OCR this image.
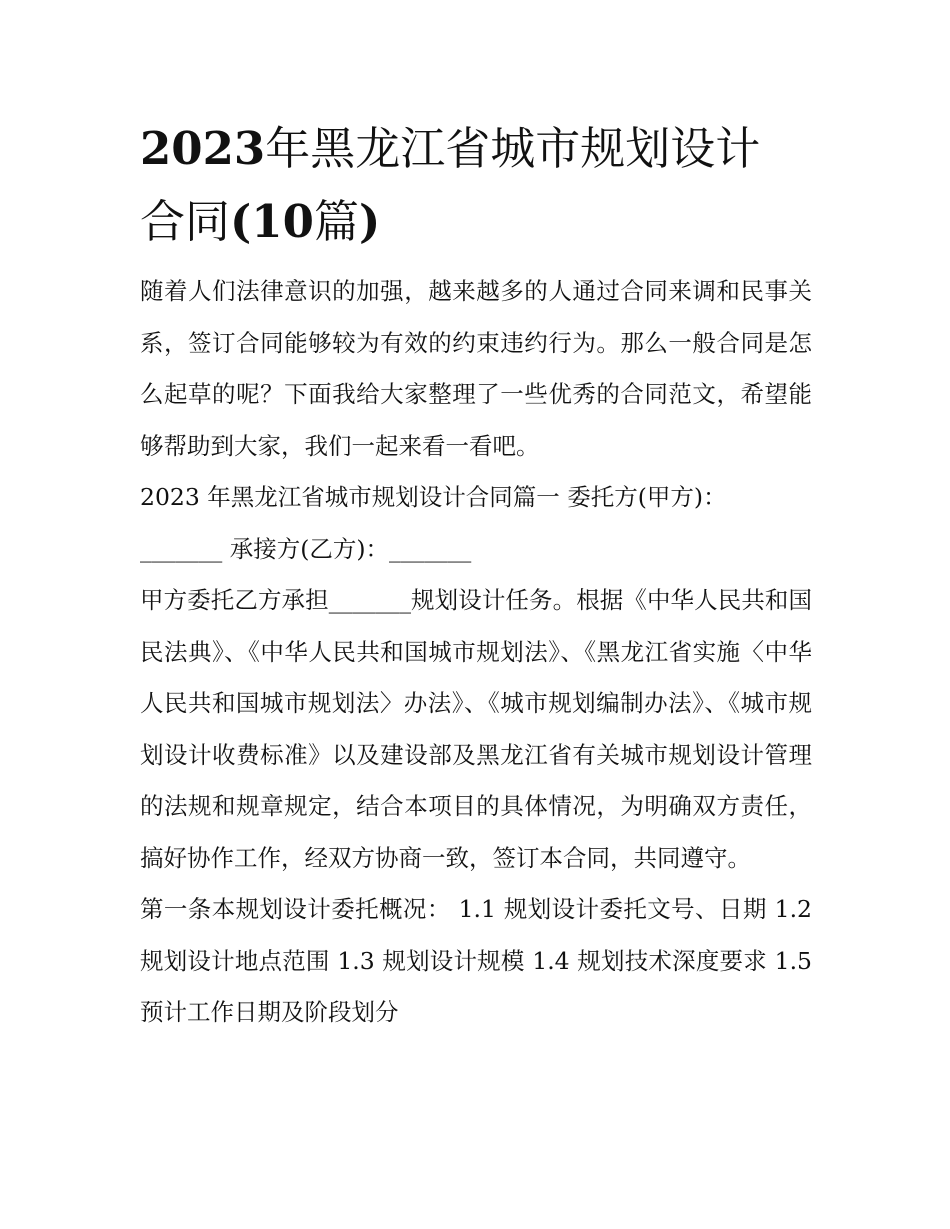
2023年黑龙江省城市规划设计
合同(10篇)

随着人们法律意识的加强，越来越多的人通过合同来调和民事关系，签订合同能够较为有效的约束违约行为。那么一般合同是怎么起草的呢？下面我给大家整理了一些优秀的合同范文，希望能够帮助到大家，我们一起来看一看吧。

2023 年黑龙江省城市规划设计合同篇一 委托方(甲方)：

_______ 承接方(乙方)：_______

甲方委托乙方承担_______规划设计任务。根据《中华人民共和国民法典》、《中华人民共和国城市规划法》、《黑龙江省实施〈中华人民共和国城市规划法〉办法》、《城市规划编制办法》、《城市规划设计收费标准》以及建设部及黑龙江省有关城市规划设计管理的法规和规章规定，结合本项目的具体情况，为明确双方责任，搞好协作工作，经双方协商一致，签订本合同，共同遵守。

第一条本规划设计委托概况： 1.1 规划设计委托文号、日期 1.2 规划设计地点范围 1.3 规划设计规模 1.4 规划技术深度要求 1.5 预计工作日期及阶段划分
